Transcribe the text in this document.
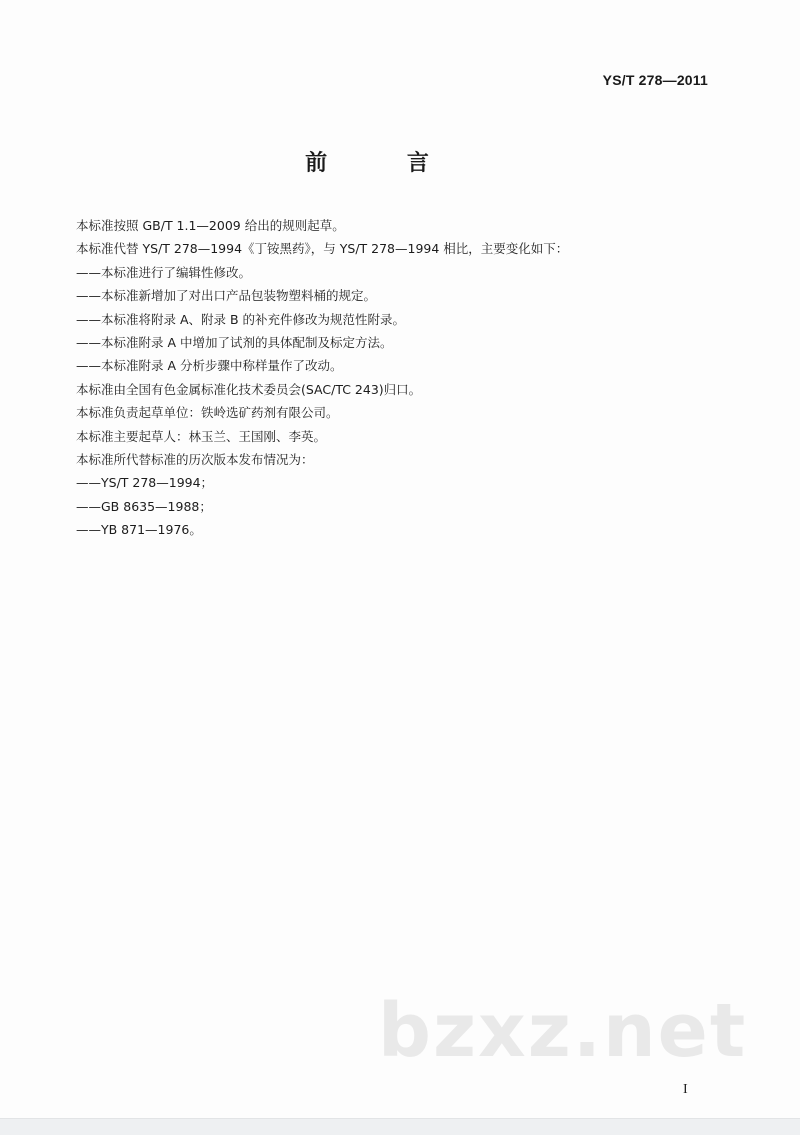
YS/T 278—2011
前 言
本标准按照 GB/T 1.1—2009 给出的规则起草。
本标准代替 YS/T 278—1994《丁铵黑药》，与 YS/T 278—1994 相比，主要变化如下：
——本标准进行了编辑性修改。
——本标准新增加了对出口产品包装物塑料桶的规定。
——本标准将附录 A、附录 B 的补充件修改为规范性附录。
——本标准附录 A 中增加了试剂的具体配制及标定方法。
——本标准附录 A 分析步骤中称样量作了改动。
本标准由全国有色金属标准化技术委员会(SAC/TC 243)归口。
本标准负责起草单位：铁岭选矿药剂有限公司。
本标准主要起草人：林玉兰、王国刚、李英。
本标准所代替标准的历次版本发布情况为：
——YS/T 278—1994；
——GB 8635—1988；
——YB 871—1976。
bzxz.net
I
